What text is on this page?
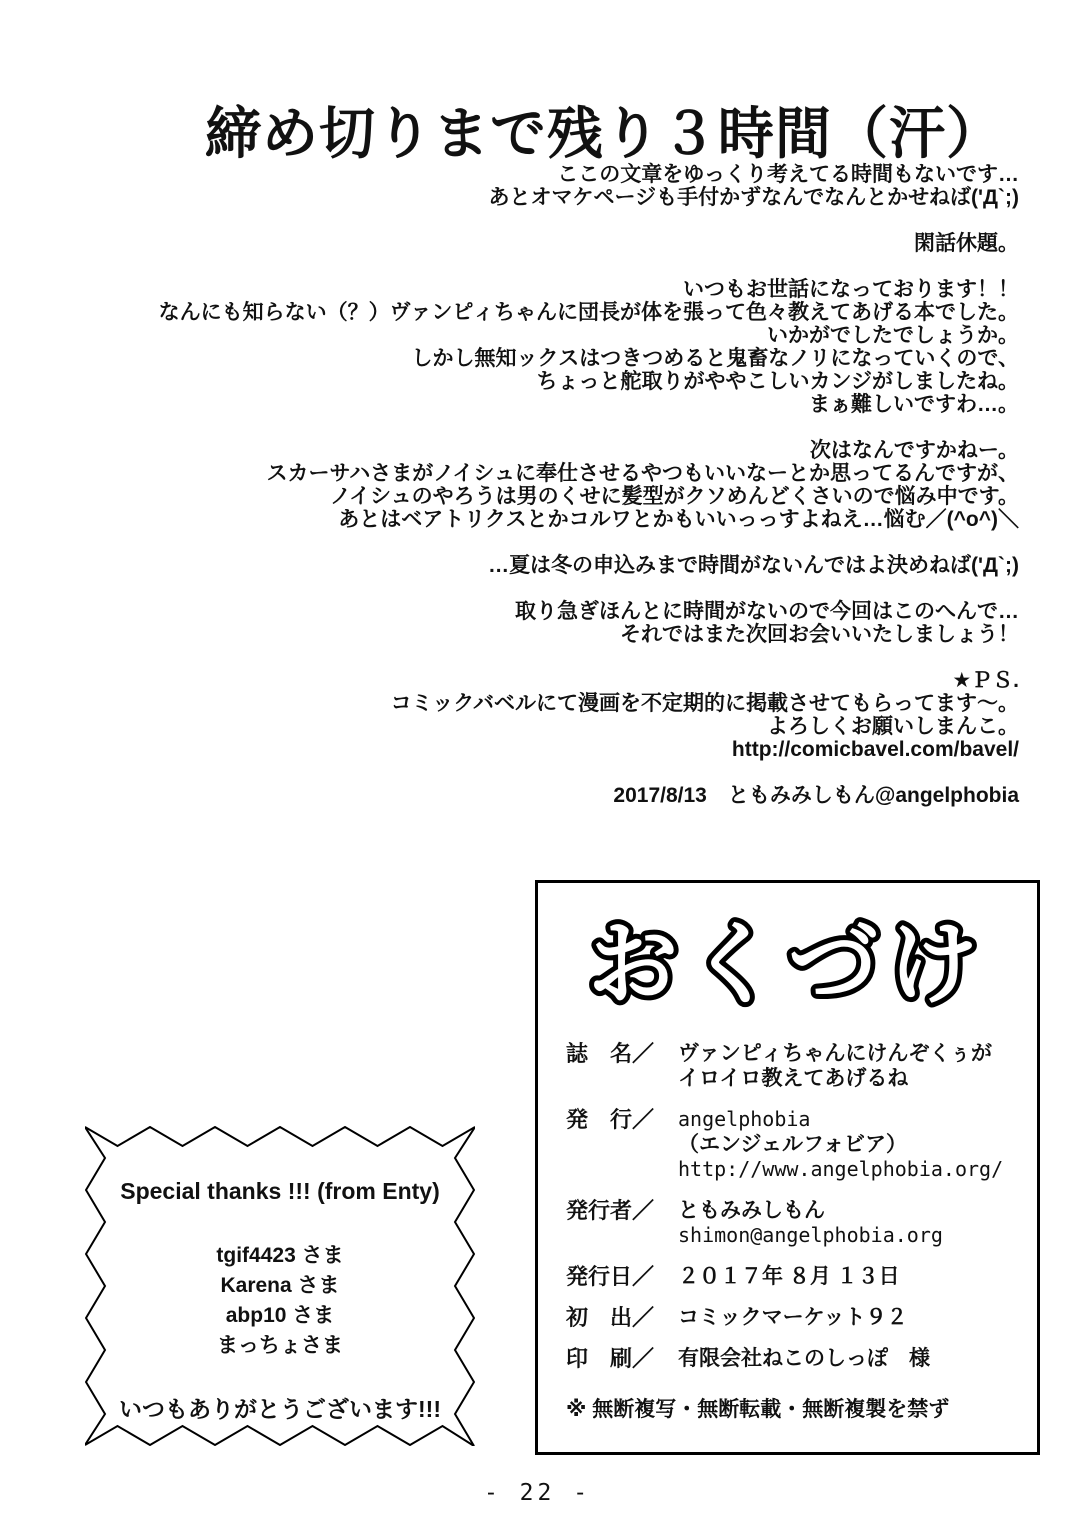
締め切りまで残り３時間（汗）
ここの文章をゆっくり考えてる時間もないです…
あとオマケページも手付かずなんでなんとかせねば('Д`;)
閑話休題。
いつもお世話になっております！！
なんにも知らない（？）ヴァンピィちゃんに団長が体を張って色々教えてあげる本でした。
いかがでしたでしょうか。
しかし無知ックスはつきつめると鬼畜なノリになっていくので、
ちょっと舵取りがややこしいカンジがしましたね。
まぁ難しいですわ…。
次はなんですかねー。
スカーサハさまがノイシュに奉仕させるやつもいいなーとか思ってるんですが、
ノイシュのやろうは男のくせに髪型がクソめんどくさいので悩み中です。
あとはベアトリクスとかコルワとかもいいっっすよねえ…悩む／(^o^)＼
…夏は冬の申込みまで時間がないんではよ決めねば('Д`;)
取り急ぎほんとに時間がないので今回はこのへんで…
それではまた次回お会いいたしましょう！
★ＰＳ.
コミックバベルにて漫画を不定期的に掲載させてもらってます～。
よろしくお願いしまんこ。
http://comicbavel.com/bavel/
2017/8/13　ともみみしもん@angelphobia
おくづけ
誌　名／	ヴァンピィちゃんにけんぞくぅが
イロイロ教えてあげるね
発　行／	angelphobia
（エンジェルフォビア）
http://www.angelphobia.org/
発行者／	ともみみしもん
shimon@angelphobia.org
発行日／	２０１７年 ８月 １３日
初　出／	コミックマーケット９２
印　刷／	有限会社ねこのしっぽ　様
※ 無断複写・無断転載・無断複製を禁ず
Special thanks !!! (from Enty)
tgif4423 さま
Karena さま
abp10 さま
まっちょさま
いつもありがとうございます!!!
- 22 -
